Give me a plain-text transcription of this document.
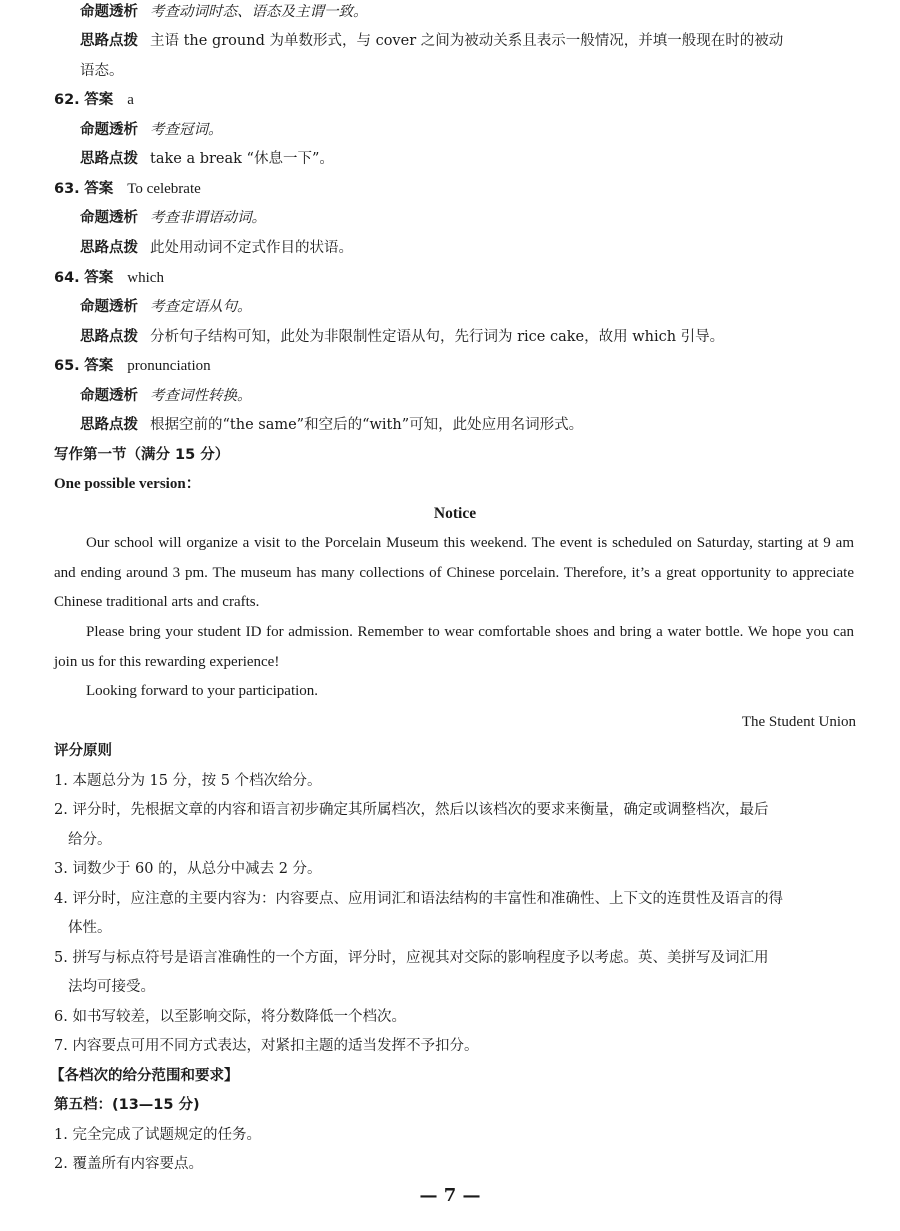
命题透析 考查动词时态、语态及主谓一致。
思路点拨 主语 the ground 为单数形式，与 cover 之间为被动关系且表示一般情况，并填一般现在时的被动
语态。
62. 答案 a
命题透析 考查冠词。
思路点拨 take a break “休息一下”。
63. 答案 To celebrate
命题透析 考查非谓语动词。
思路点拨 此处用动词不定式作目的状语。
64. 答案 which
命题透析 考查定语从句。
思路点拨 分析句子结构可知，此处为非限制性定语从句，先行词为 rice cake，故用 which 引导。
65. 答案 pronunciation
命题透析 考查词性转换。
思路点拨 根据空前的“the same”和空后的“with”可知，此处应用名词形式。
写作第一节（满分 15 分）
One possible version：
Notice
Our school will organize a visit to the Porcelain Museum this weekend. The event is scheduled on Saturday, starting at 9 am and ending around 3 pm. The museum has many collections of Chinese porcelain. Therefore, it’s a great opportunity to appreciate Chinese traditional arts and crafts.
Please bring your student ID for admission. Remember to wear comfortable shoes and bring a water bottle. We hope you can join us for this rewarding experience!
Looking forward to your participation.
The Student Union
评分原则
1. 本题总分为 15 分，按 5 个档次给分。
2. 评分时，先根据文章的内容和语言初步确定其所属档次，然后以该档次的要求来衡量，确定或调整档次，最后
给分。
3. 词数少于 60 的，从总分中减去 2 分。
4. 评分时，应注意的主要内容为：内容要点、应用词汇和语法结构的丰富性和准确性、上下文的连贯性及语言的得
体性。
5. 拼写与标点符号是语言准确性的一个方面，评分时，应视其对交际的影响程度予以考虑。英、美拼写及词汇用
法均可接受。
6. 如书写较差，以至影响交际，将分数降低一个档次。
7. 内容要点可用不同方式表达，对紧扣主题的适当发挥不予扣分。
【各档次的给分范围和要求】
第五档：(13—15 分)
1. 完全完成了试题规定的任务。
2. 覆盖所有内容要点。
— 7 —
